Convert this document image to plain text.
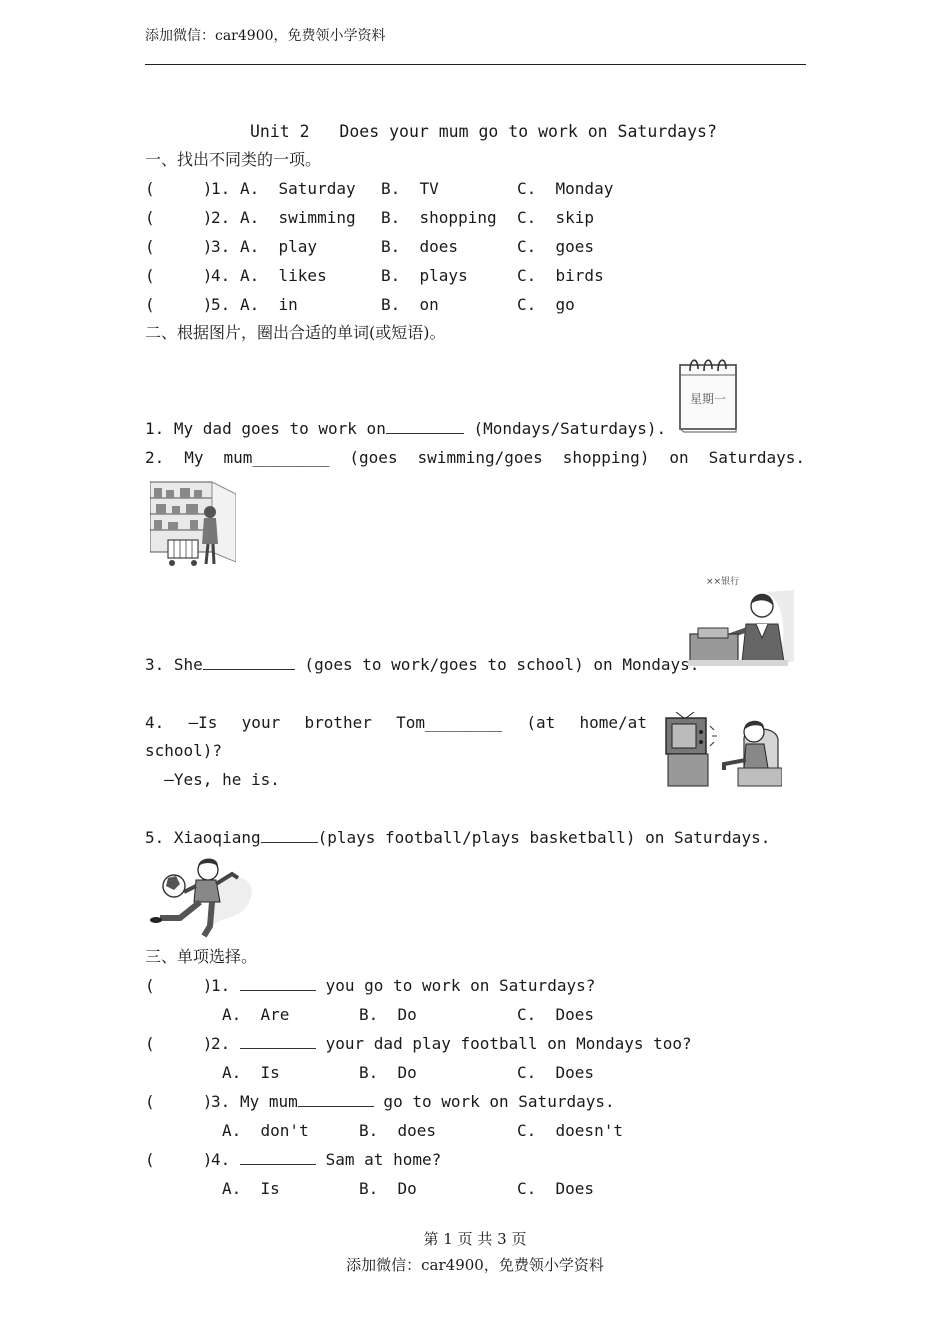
添加微信：car4900，免费领小学资料
Unit 2   Does your mum go to work on Saturdays?
一、找出不同类的一项。
(     )
1. A.  Saturday B.  TV	C.  Monday
(     )
2. A.  swimming B.  shopping C.  skip
(     )
3. A.  play	B.  does	C.  goes
(     )
4. A.  likes	B.  plays	C.  birds
(     )
5. A.  in	B.  on	C.  go
二、根据图片，圈出合适的单词(或短语)。
星期一
1. My dad goes to work on	(Mondays/Saturdays).
2. My mum________ (goes swimming/goes shopping) on Saturdays.
××银行
3. She	(goes to work/goes to school) on Mondays.
4. —Is your brother Tom________ (at home/at
school)?
—Yes, he is.
5. Xiaoqiang	(plays football/plays basketball) on Saturdays.
三、单项选择。
(     )
1.	you go to work on Saturdays?
A.  Are	B.  Do	C.  Does
(     )
2.	your dad play football on Mondays too?
A.  Is	B.  Do	C.  Does
(     )
3. My mum	go to work on Saturdays.
A.  don't	B.  does	C.  doesn't
(     )
4.	Sam at home?
A.  Is	B.  Do	C.  Does
第 1 页 共 3 页
添加微信：car4900，免费领小学资料
